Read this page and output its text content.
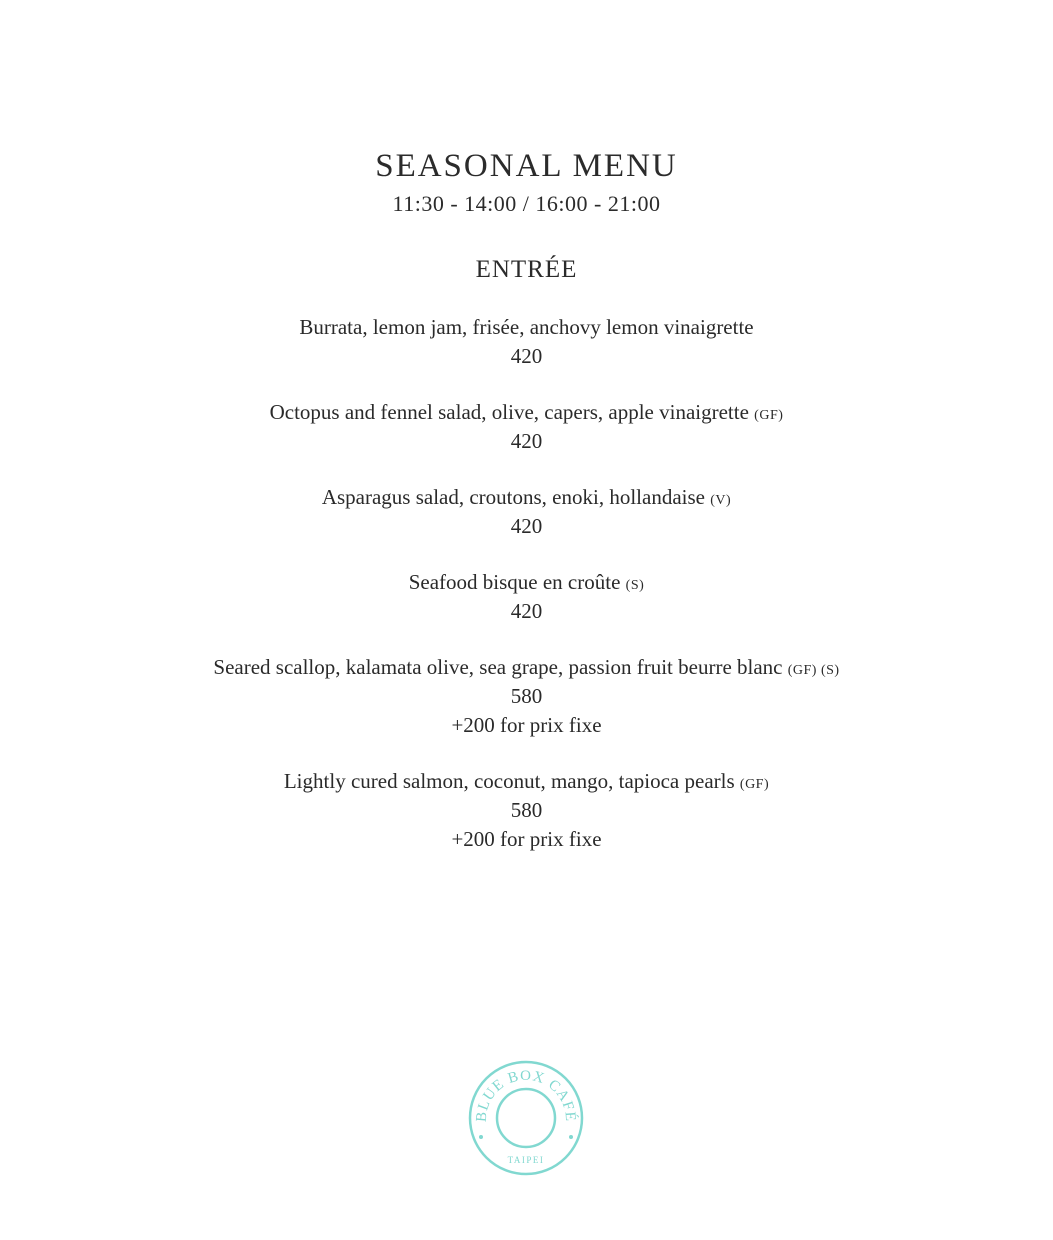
SEASONAL MENU
11:30 - 14:00 / 16:00 - 21:00
ENTRÉE
Burrata, lemon jam, frisée, anchovy lemon vinaigrette
420
Octopus and fennel salad, olive, capers, apple vinaigrette (GF)
420
Asparagus salad, croutons, enoki, hollandaise (V)
420
Seafood bisque en croûte (S)
420
Seared scallop, kalamata olive, sea grape, passion fruit beurre blanc (GF) (S)
580
+200 for prix fixe
Lightly cured salmon, coconut, mango, tapioca pearls (GF)
580
+200 for prix fixe
BLUE BOX CAFÉ
TAIPEI
